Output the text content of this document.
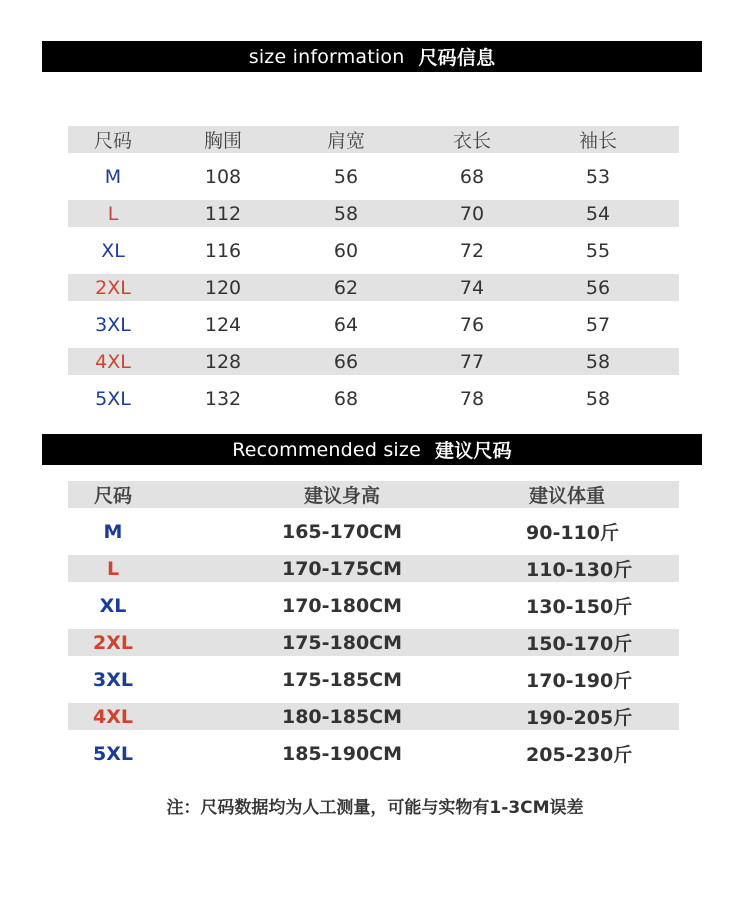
size information 尺码信息
尺码	胸围	肩宽	衣长	袖长
M	108	56	68	53
L	112	58	70	54
XL	116	60	72	55
2XL	120	62	74	56
3XL	124	64	76	57
4XL	128	66	77	58
5XL	132	68	78	58
Recommended size 建议尺码
尺码	建议身高	建议体重
M	165-170CM	90-110斤
L	170-175CM	110-130斤
XL	170-180CM	130-150斤
2XL	175-180CM	150-170斤
3XL	175-185CM	170-190斤
4XL	180-185CM	190-205斤
5XL	185-190CM	205-230斤
注：尺码数据均为人工测量，可能与实物有1-3CM误差
